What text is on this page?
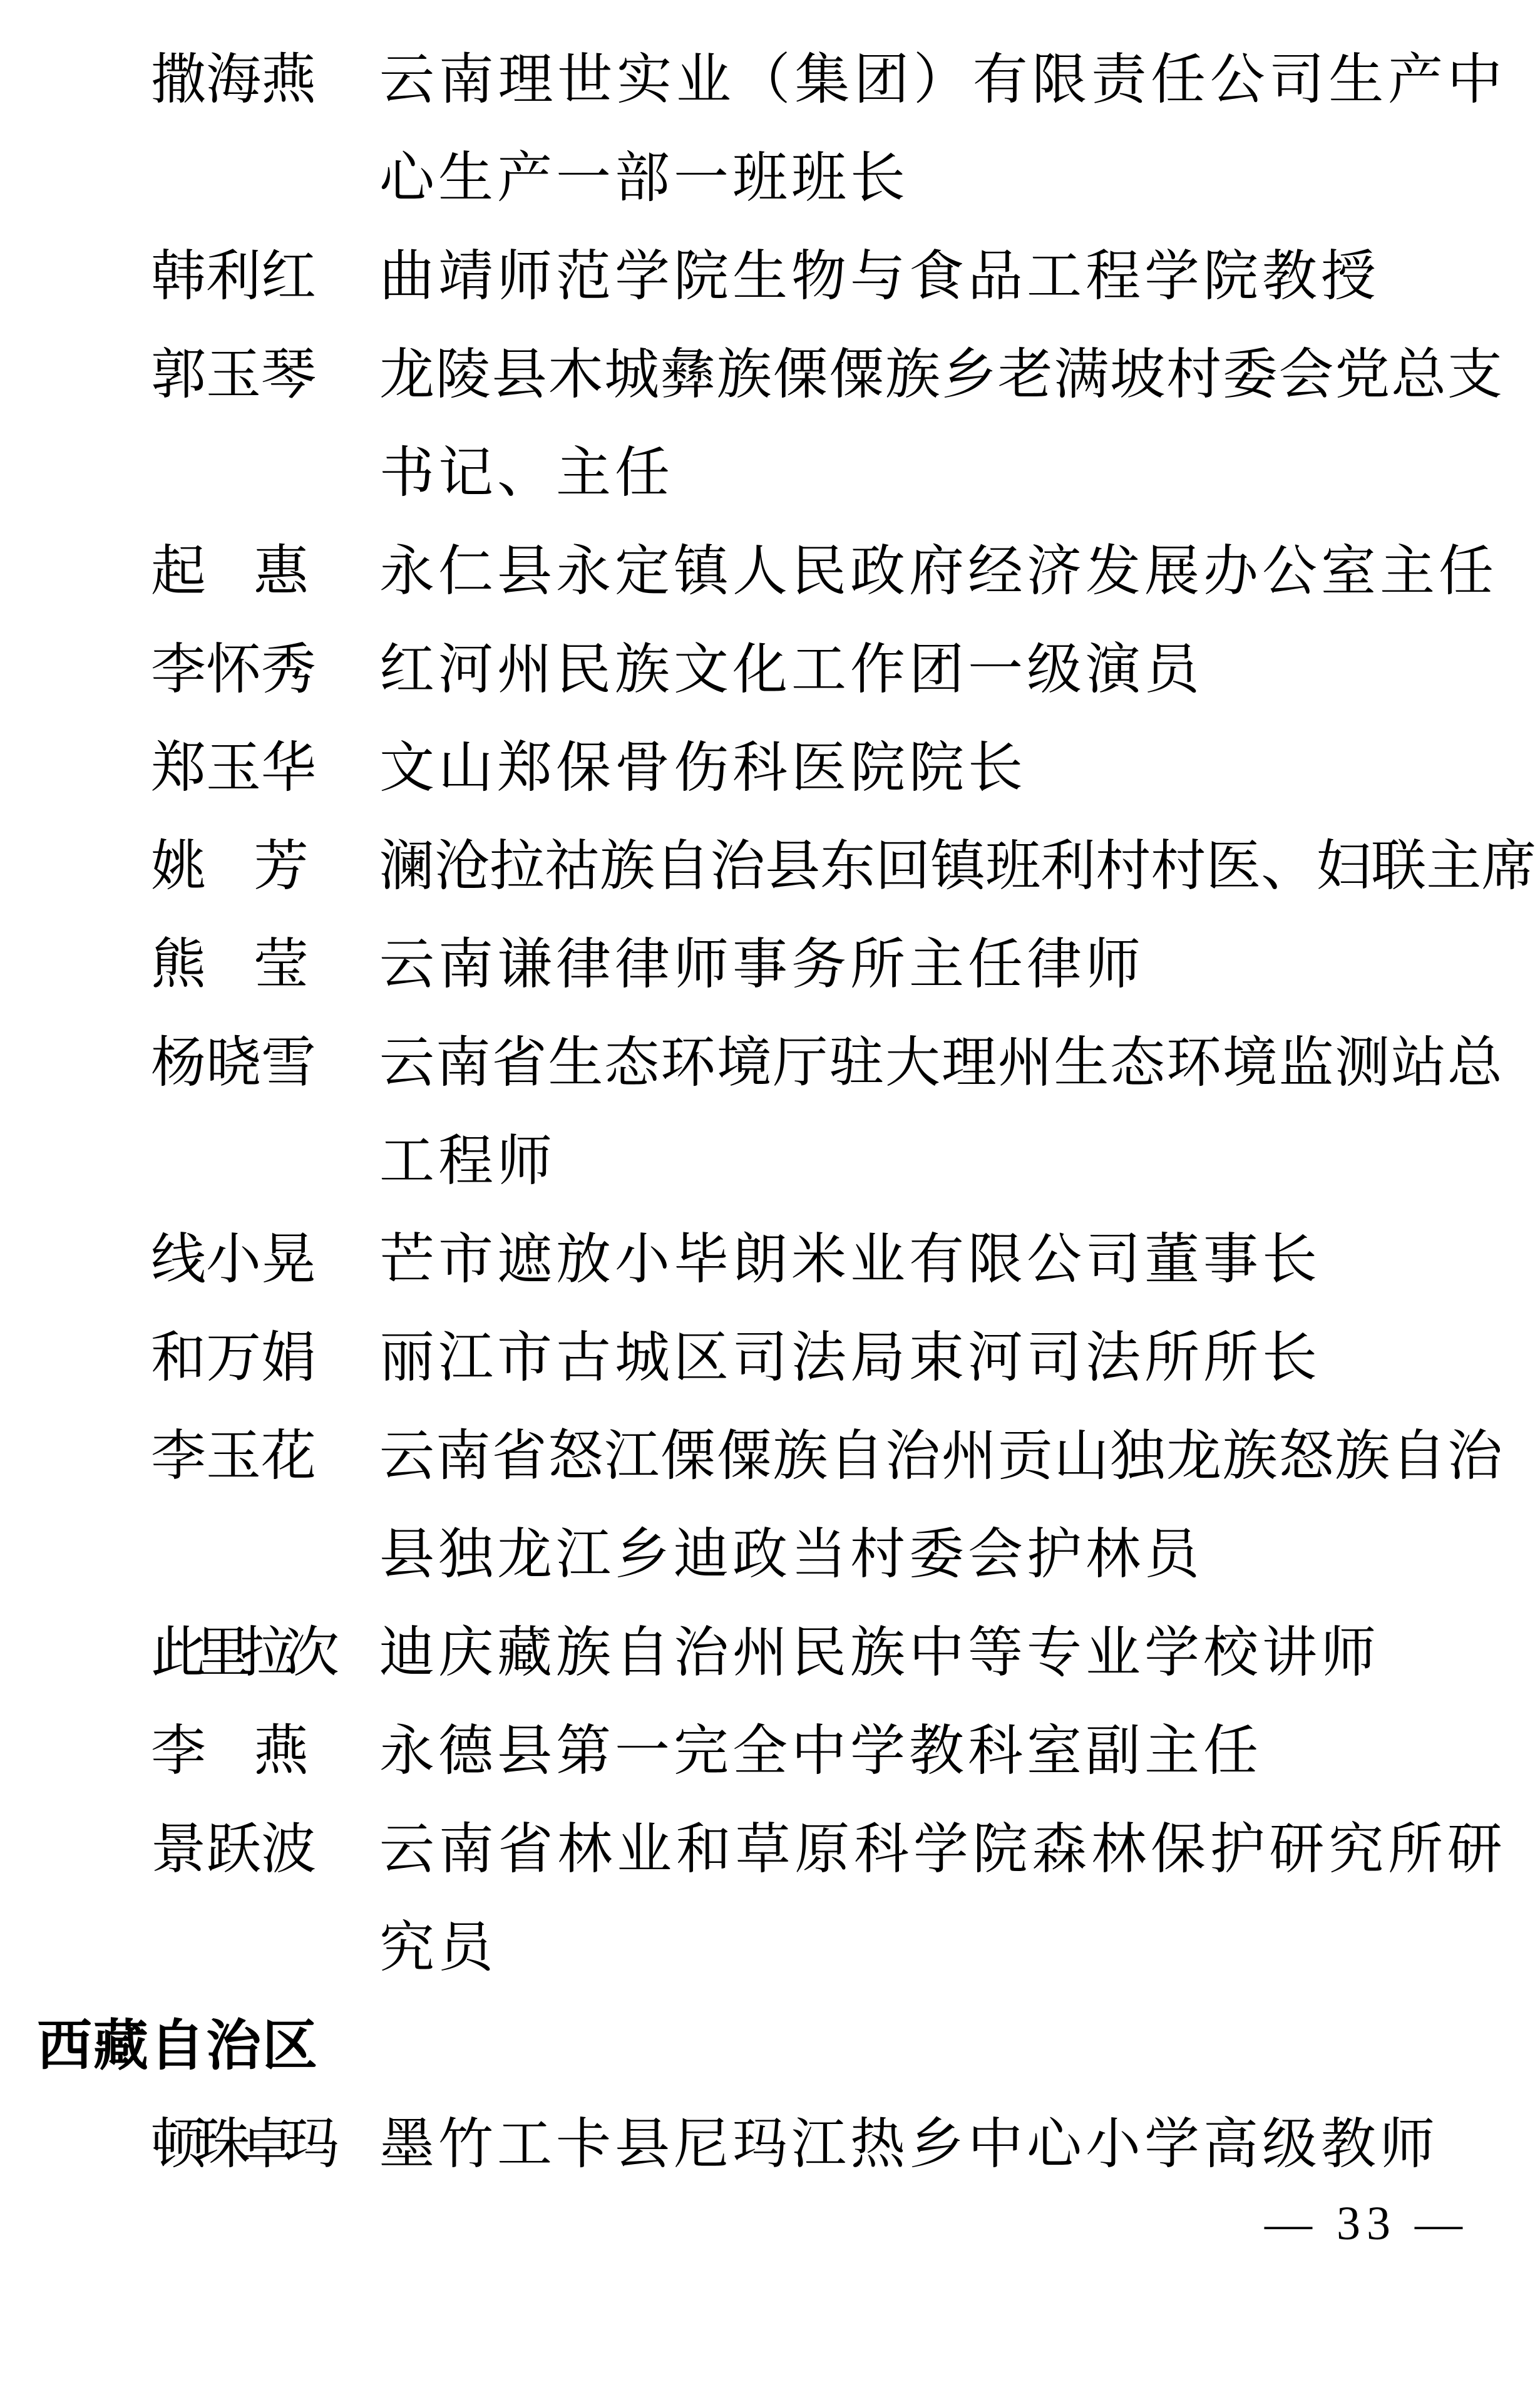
撒 海 燕 云 南 理 世 实 业 （ 集 团 ） 有 限 责 任 公 司 生 产 中
心生产一部一班班长
韩 利 红 曲靖师范学院生物与食品工程学院教授
郭 玉 琴 龙 陵 县 木 城 彝 族 傈 僳 族 乡 老 满 坡 村 委 会 党 总 支
书记、主任
起 惠 永仁县永定镇人民政府经济发展办公室主任
李 怀 秀 红河州民族文化工作团一级演员
郑 玉 华 文山郑保骨伤科医院院长
姚 芳 澜 沧 拉 祜 族 自 治 县 东 回 镇 班 利 村 村 医 、 妇 联 主 席
熊 莹 云南谦律律师事务所主任律师
杨 晓 雪 云 南 省 生 态 环 境 厅 驻 大 理 州 生 态 环 境 监 测 站 总
工程师
线 小 晃 芒市遮放小毕朗米业有限公司董事长
和 万 娟 丽江市古城区司法局束河司法所所长
李 玉 花 云 南 省 怒 江 傈 僳 族 自 治 州 贡 山 独 龙 族 怒 族 自 治
县独龙江乡迪政当村委会护林员
此里拉次 迪庆藏族自治州民族中等专业学校讲师
李 燕 永德县第一完全中学教科室副主任
景 跃 波 云 南 省 林 业 和 草 原 科 学 院 森 林 保 护 研 究 所 研
究员
西藏自治区
顿珠卓玛 墨竹工卡县尼玛江热乡中心小学高级教师
— 33 —
